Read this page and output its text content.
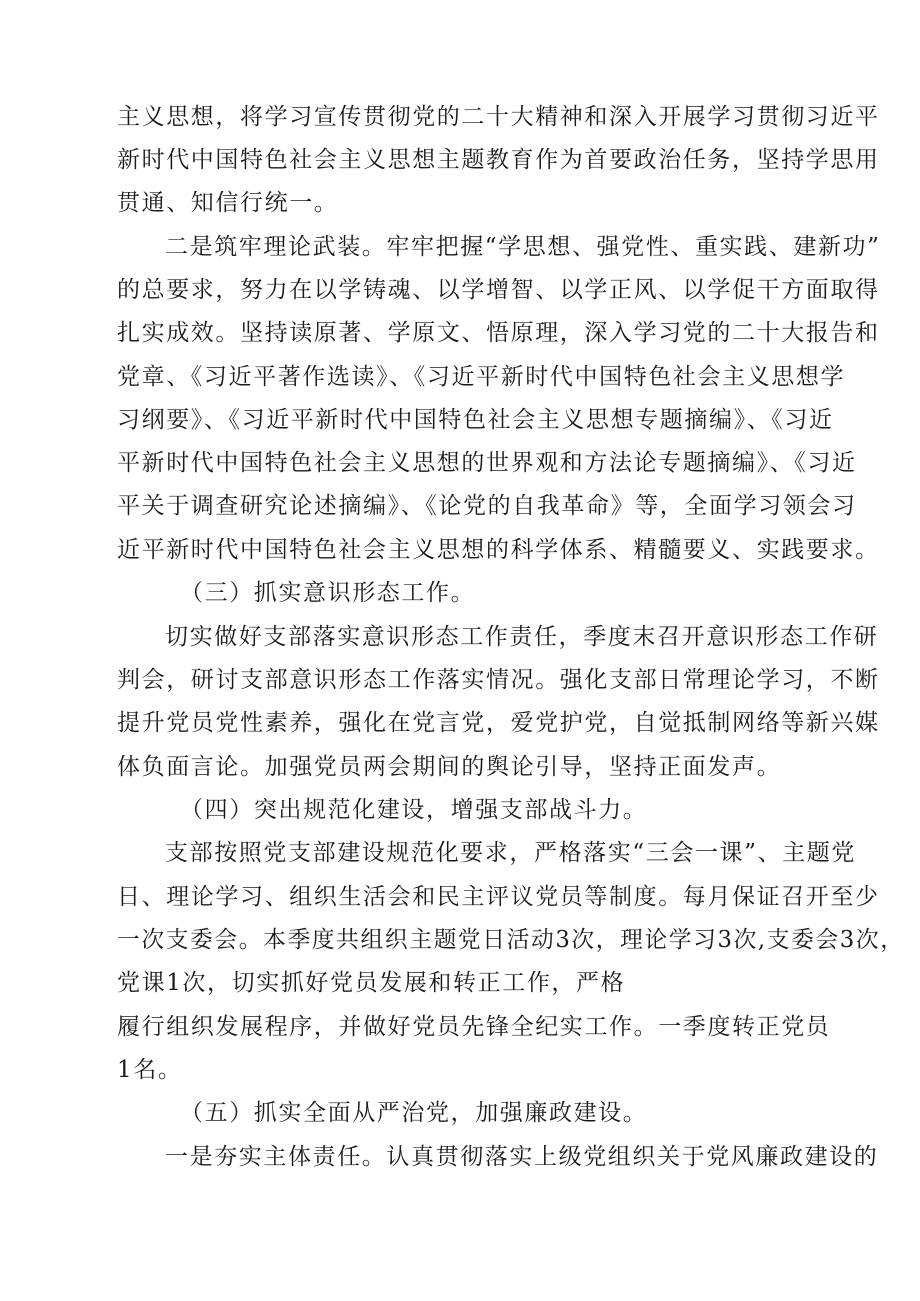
主义思想，将学习宣传贯彻党的二十大精神和深入开展学习贯彻习近平
新时代中国特色社会主义思想主题教育作为首要政治任务，坚持学思用
贯通、知信行统一。
二是筑牢理论武装。牢牢把握“学思想、强党性、重实践、建新功”
的总要求，努力在以学铸魂、以学增智、以学正风、以学促干方面取得
扎实成效。坚持读原著、学原文、悟原理，深入学习党的二十大报告和
党章、《习近平著作选读》、《习近平新时代中国特色社会主义思想学
习纲要》、《习近平新时代中国特色社会主义思想专题摘编》、《习近
平新时代中国特色社会主义思想的世界观和方法论专题摘编》、《习近
平关于调查研究论述摘编》、《论党的自我革命》等，全面学习领会习
近平新时代中国特色社会主义思想的科学体系、精髓要义、实践要求。
（三）抓实意识形态工作。
切实做好支部落实意识形态工作责任，季度末召开意识形态工作研
判会，研讨支部意识形态工作落实情况。强化支部日常理论学习，不断
提升党员党性素养，强化在党言党，爱党护党，自觉抵制网络等新兴媒
体负面言论。加强党员两会期间的舆论引导，坚持正面发声。
（四）突出规范化建设，增强支部战斗力。
支部按照党支部建设规范化要求，严格落实“三会一课”、主题党
日、理论学习、组织生活会和民主评议党员等制度。每月保证召开至少
一次支委会。本季度共组织主题党日活动3次，理论学习3次,支委会3次，
党课1次，切实抓好党员发展和转正工作，严格
履行组织发展程序，并做好党员先锋全纪实工作。一季度转正党员
1名。
（五）抓实全面从严治党，加强廉政建设。
一是夯实主体责任。认真贯彻落实上级党组织关于党风廉政建设的
